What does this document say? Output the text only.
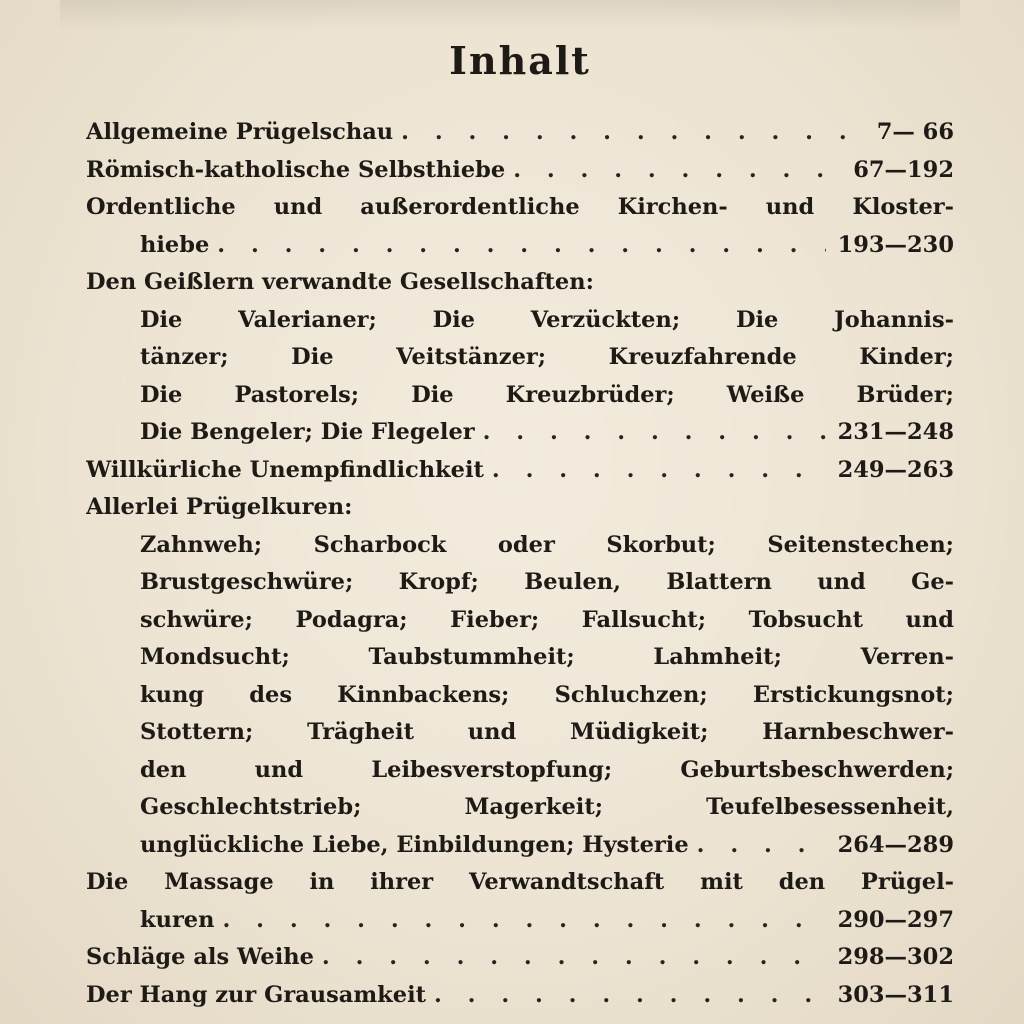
Inhalt
Allgemeine Prügelschau . . .	7— 66
Römisch-katholische Selbsthiebe . . .	67—192
Ordentliche und außerordentliche Kirchen- und Kloster-
hiebe . . .	193—230
Den Geißlern verwandte Gesellschaften:
Die Valerianer; Die Verzückten; Die Johannis-
tänzer; Die Veitstänzer; Kreuzfahrende Kinder;
Die Pastorels; Die Kreuzbrüder; Weiße Brüder;
Die Bengeler; Die Flegeler . . .	231—248
Willkürliche Unempfindlichkeit . . .	249—263
Allerlei Prügelkuren:
Zahnweh; Scharbock oder Skorbut; Seitenstechen;
Brustgeschwüre; Kropf; Beulen, Blattern und Ge-
schwüre; Podagra; Fieber; Fallsucht; Tobsucht und
Mondsucht; Taubstummheit; Lahmheit; Verren-
kung des Kinnbackens; Schluchzen; Erstickungsnot;
Stottern; Trägheit und Müdigkeit; Harnbeschwer-
den und Leibesverstopfung; Geburtsbeschwerden;
Geschlechtstrieb; Magerkeit; Teufelbesessenheit,
unglückliche Liebe, Einbildungen; Hysterie . . .	264—289
Die Massage in ihrer Verwandtschaft mit den Prügel-
kuren . . .	290—297
Schläge als Weihe . . .	298—302
Der Hang zur Grausamkeit . . .	303—311
